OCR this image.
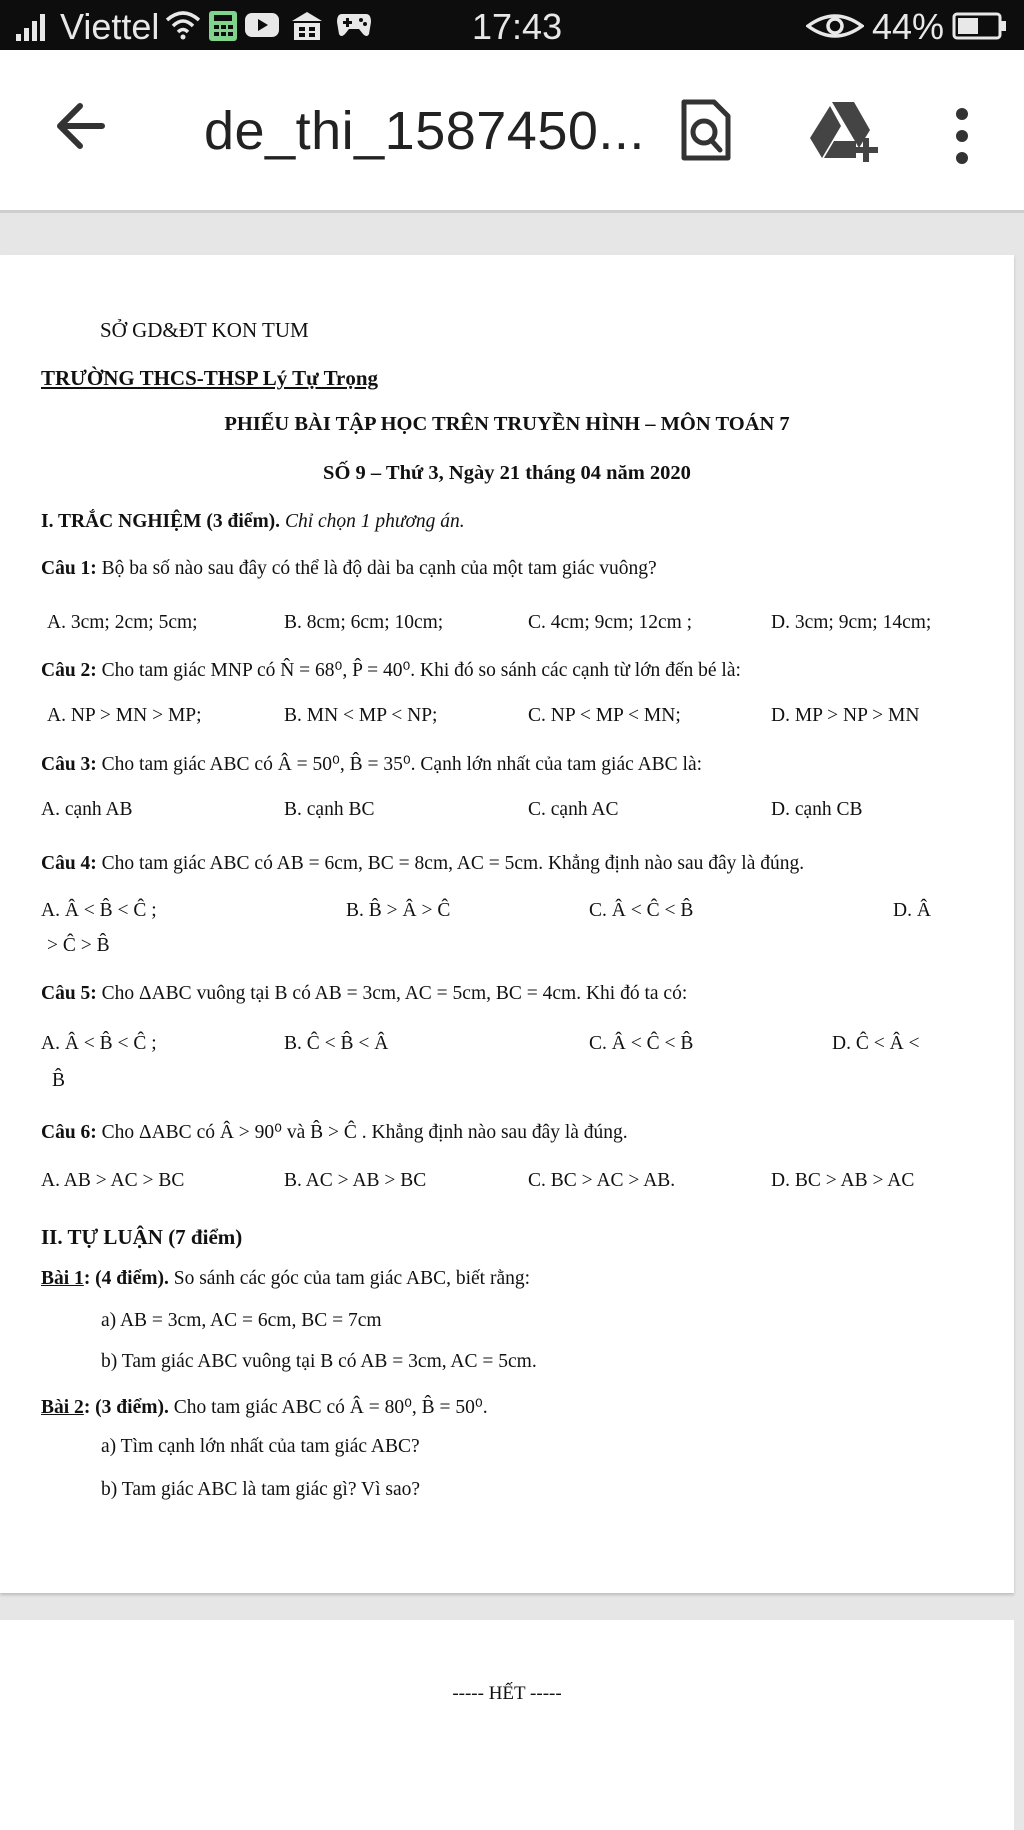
Viettel	17:43	44%
de_thi_1587450...
SỞ GD&ĐT KON TUM
TRƯỜNG THCS-THSP Lý Tự Trọng
PHIẾU BÀI TẬP HỌC TRÊN TRUYỀN HÌNH – MÔN TOÁN 7
SỐ 9 – Thứ 3, Ngày 21 tháng 04 năm 2020
I. TRẮC NGHIỆM (3 điểm). Chỉ chọn 1 phương án.
Câu 1: Bộ ba số nào sau đây có thể là độ dài ba cạnh của một tam giác vuông?
A. 3cm; 2cm; 5cm;	B. 8cm; 6cm; 10cm;	C. 4cm; 9cm; 12cm ;	D. 3cm; 9cm; 14cm;
Câu 2: Cho tam giác MNP có N̂ = 68⁰, P̂ = 40⁰. Khi đó so sánh các cạnh từ lớn đến bé là:
A. NP > MN > MP;	B. MN < MP < NP;	C. NP < MP < MN;	D. MP > NP > MN
Câu 3: Cho tam giác ABC có Â = 50⁰, B̂ = 35⁰. Cạnh lớn nhất của tam giác ABC là:
A. cạnh AB	B. cạnh BC	C. cạnh AC	D. cạnh CB
Câu 4: Cho tam giác ABC có AB = 6cm, BC = 8cm, AC = 5cm. Khẳng định nào sau đây là đúng.
A. Â < B̂ < Ĉ ;	B. B̂ > Â > Ĉ	C. Â < Ĉ < B̂	D. Â
> Ĉ > B̂
Câu 5: Cho ΔABC vuông tại B có AB = 3cm, AC = 5cm, BC = 4cm. Khi đó ta có:
A. Â < B̂ < Ĉ ;	B. Ĉ < B̂ < Â	C. Â < Ĉ < B̂	D. Ĉ < Â <
B̂
Câu 6: Cho ΔABC có Â > 90⁰ và B̂ > Ĉ . Khẳng định nào sau đây là đúng.
A. AB > AC > BC	B. AC > AB > BC	C. BC > AC > AB.	D. BC > AB > AC
II. TỰ LUẬN (7 điểm)
Bài 1: (4 điểm). So sánh các góc của tam giác ABC, biết rằng:
a) AB = 3cm, AC = 6cm, BC = 7cm
b) Tam giác ABC vuông tại B có AB = 3cm, AC = 5cm.
Bài 2: (3 điểm). Cho tam giác ABC có Â = 80⁰, B̂ = 50⁰.
a) Tìm cạnh lớn nhất của tam giác ABC?
b) Tam giác ABC là tam giác gì? Vì sao?
----- HẾT -----
